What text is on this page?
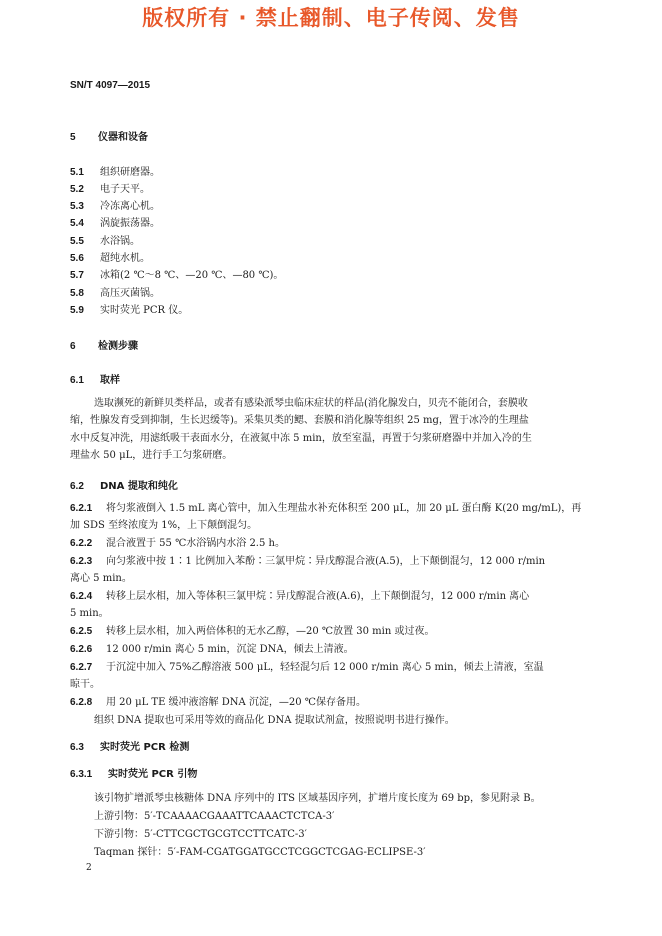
版权所有 · 禁止翻制、电子传阅、发售
SN/T 4097—2015
5 仪器和设备
5.1 组织研磨器。
5.2 电子天平。
5.3 冷冻离心机。
5.4 涡旋振荡器。
5.5 水浴锅。
5.6 超纯水机。
5.7 冰箱(2 ℃～8 ℃、—20 ℃、—80 ℃)。
5.8 高压灭菌锅。
5.9 实时荧光 PCR 仪。
6 检测步骤
6.1 取样
选取濒死的新鲜贝类样品，或者有感染派琴虫临床症状的样品(消化腺发白，贝壳不能闭合，套膜收
缩，性腺发育受到抑制，生长迟缓等)。采集贝类的鳃、套膜和消化腺等组织 25 mg，置于冰冷的生理盐
水中反复冲洗，用滤纸吸干表面水分，在液氮中冻 5 min，放至室温，再置于匀浆研磨器中并加入冷的生
理盐水 50 μL，进行手工匀浆研磨。
6.2 DNA 提取和纯化
6.2.1 将匀浆液倒入 1.5 mL 离心管中，加入生理盐水补充体积至 200 μL，加 20 μL 蛋白酶 K(20 mg/mL)，再
加 SDS 至终浓度为 1%，上下颠倒混匀。
6.2.2 混合液置于 55 ℃水浴锅内水浴 2.5 h。
6.2.3 向匀浆液中按 1∶1 比例加入苯酚∶三氯甲烷∶异戊醇混合液(A.5)，上下颠倒混匀，12 000 r/min
离心 5 min。
6.2.4 转移上层水相，加入等体积三氯甲烷∶异戊醇混合液(A.6)，上下颠倒混匀，12 000 r/min 离心
5 min。
6.2.5 转移上层水相，加入两倍体积的无水乙醇，—20 ℃放置 30 min 或过夜。
6.2.6 12 000 r/min 离心 5 min，沉淀 DNA，倾去上清液。
6.2.7 于沉淀中加入 75%乙醇溶液 500 μL，轻轻混匀后 12 000 r/min 离心 5 min，倾去上清液，室温
晾干。
6.2.8 用 20 μL TE 缓冲液溶解 DNA 沉淀，—20 ℃保存备用。
组织 DNA 提取也可采用等效的商品化 DNA 提取试剂盒，按照说明书进行操作。
6.3 实时荧光 PCR 检测
6.3.1 实时荧光 PCR 引物
该引物扩增派琴虫核糖体 DNA 序列中的 ITS 区域基因序列，扩增片度长度为 69 bp，参见附录 B。
上游引物：5′-TCAAAACGAAATTCAAACTCTCA-3′
下游引物：5′-CTTCGCTGCGTCCTTCATC-3′
Taqman 探针：5′-FAM-CGATGGATGCCTCGGCTCGAG-ECLIPSE-3′
2
